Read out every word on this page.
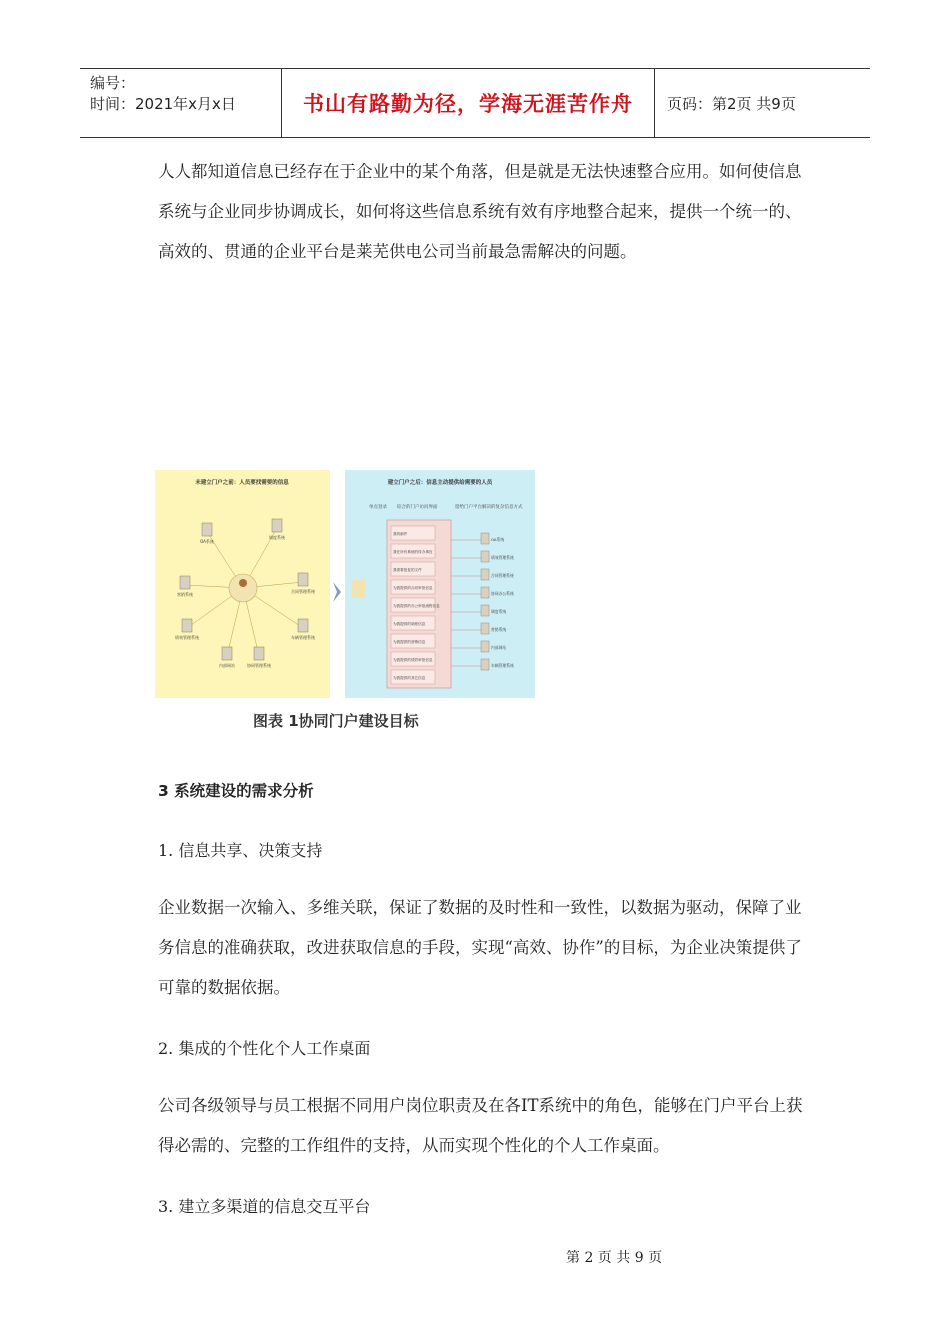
编号：
时间：2021年x月x日	书山有路勤为径，学海无涯苦作舟	页码：第2页 共9页
人人都知道信息已经存在于企业中的某个角落，但是就是无法快速整合应用。如何使信息系统与企业同步协调成长，如何将这些信息系统有效有序地整合起来，提供一个统一的、高效的、贯通的企业平台是莱芜供电公司当前最急需解决的问题。
未建立门户之前：人员要找需要的信息
OA系统
调度系统
营销系统
合同管理系统
绩效管理系统	车辆管理系统
内部网站	协同管理系统
建立门户之后：信息主动提供给需要的人员
单点登录 综合的门户访问界面	留给门户平台解决的复杂信息方式
我的邮件
我在所有系统的待办事宜
我需要批复的文件
为我提供的合同审批信息
为我提供的办公审批流程信息
为我提供的调度信息
为我提供的营销信息
为我提供的绩效审批信息
为我提供的其它信息
OA系统
绩效管理系统
合同管理系统
协同办公系统
调度系统
营销系统
内部网站
车辆管理系统
图表 1协同门户建设目标
3 系统建设的需求分析
1. 信息共享、决策支持
企业数据一次输入、多维关联，保证了数据的及时性和一致性，以数据为驱动，保障了业务信息的准确获取，改进获取信息的手段，实现“高效、协作”的目标，为企业决策提供了可靠的数据依据。
2. 集成的个性化个人工作桌面
公司各级领导与员工根据不同用户岗位职责及在各IT系统中的角色，能够在门户平台上获得必需的、完整的工作组件的支持，从而实现个性化的个人工作桌面。
3. 建立多渠道的信息交互平台
第 2 页 共 9 页
